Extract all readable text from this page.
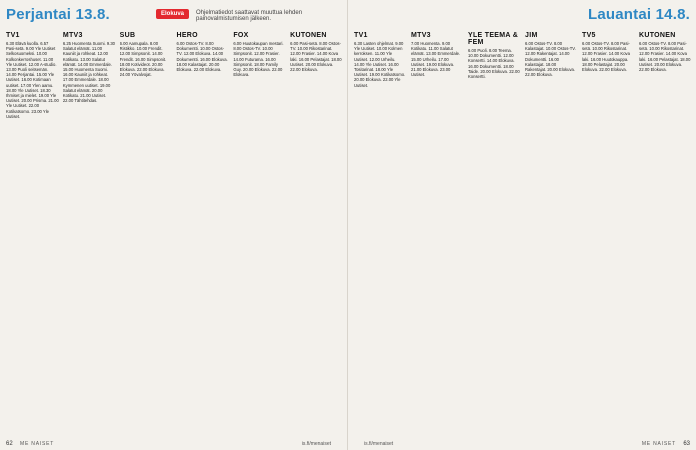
Perjantai 13.8.	Elokuva	Ohjelmatiedot saattavat muuttua lehden painovalmistumisen jälkeen.
TV1
6.30 Elävä kuolla. 6.57 Pasi-setä. 9.00 Yle Uutiset Selkosuomeksi. 10.00 Kolkonkerroshuset. 11.00 Yle Uutiset. 12.00 A-studio. 13.00 Puoli seitsemän. 14.00 Perjantai. 15.00 Yle Uutiset. 16.00 Kotimaan uutiset. 17.00 Ylen aamu. 18.00 Yle Uutiset. 18.30 Ihmiset ja mielet. 19.00 Yle Uutiset. 20.00 Prisma. 21.00 Yle Uutiset. 22.00 Kotikatsomo. 23.00 Yle Uutiset.
MTV3
6.25 Huomenta Suomi. 9.30 Salatut elämät. 11.00 Kauniit ja rohkeat. 12.00 Kotikatu. 13.00 Salatut elämät. 14.00 Emmerdale. 15.00 Huomenta Suomi. 16.00 Kauniit ja rohkeat. 17.00 Emmerdale. 18.00 Kymmenen uutiset. 19.00 Salatut elämät. 20.00 Kotikatu. 21.00 Uutiset. 22.00 Tähtitehdas.
SUB
6.00 Aamupala. 8.00 Ristikko. 10.00 Frendit. 12.00 Simpsonit. 14.00 Frendit. 16.00 Simpsonit. 18.00 Kotivideot. 20.00 Elokuva. 22.00 Elokuva. 24.00 Yövalvojat.
HERO
6.00 Ostos-TV. 8.00 Dokumentti. 10.00 Ostos-TV. 12.00 Elokuva. 14.00 Dokumentti. 16.00 Elokuva. 18.00 Kalastajat. 20.00 Elokuva. 22.00 Elokuva.
FOX
6.00 Huutokaupan mestari. 8.00 Ostos-TV. 10.00 Simpsonit. 12.00 Frasier. 14.00 Futurama. 16.00 Simpsonit. 18.00 Family Guy. 20.00 Elokuva. 22.00 Elokuva.
KUTONEN
6.00 Pasi-setä. 8.00 Ostos-TV. 10.00 Rikostarinat. 12.00 Frasier. 14.00 Kova laki. 16.00 Pelastajat. 18.00 Uutiset. 20.00 Elokuva. 22.00 Elokuva.
62 ME NAISET	is.fi/menaiset
Lauantai 14.8.
TV1
6.30 Lasten ohjelmat. 9.00 Yle Uutiset. 10.00 Kolmen kerroksen. 11.00 Yle Uutiset. 12.00 Urheilu. 14.00 Yle Uutiset. 16.00 Tositarinat. 18.00 Yle Uutiset. 19.00 Kotikatsomo. 20.00 Elokuva. 22.00 Yle Uutiset.
MTV3
7.00 Huomenta. 9.00 Kotikatu. 11.00 Salatut elämät. 13.00 Emmerdale. 15.00 Urheilu. 17.00 Uutiset. 19.00 Elokuva. 21.00 Elokuva. 23.00 Uutiset.
YLE TEEMA & FEM
6.00 Puoli. 8.00 Teema. 10.00 Dokumentti. 12.00 Konsertti. 14.00 Elokuva. 16.00 Dokumentti. 18.00 Taide. 20.00 Elokuva. 22.00 Konsertti.
JIM
6.00 Ostos-TV. 8.00 Kalastajat. 10.00 Ostos-TV. 12.00 Rakentajat. 14.00 Dokumentti. 16.00 Kalastajat. 18.00 Rakentajat. 20.00 Elokuva. 22.00 Elokuva.
TV5
6.00 Ostos-TV. 8.00 Pasi-setä. 10.00 Rikostarinat. 12.00 Frasier. 14.00 Kova laki. 16.00 Huutokauppa. 18.00 Pelastajat. 20.00 Elokuva. 22.00 Elokuva.
KUTONEN
6.00 Ostos-TV. 8.00 Pasi-setä. 10.00 Rikostarinat. 12.00 Frasier. 14.00 Kova laki. 16.00 Pelastajat. 18.00 Uutiset. 20.00 Elokuva. 22.00 Elokuva.
is.fi/menaiset	ME NAISET 63
